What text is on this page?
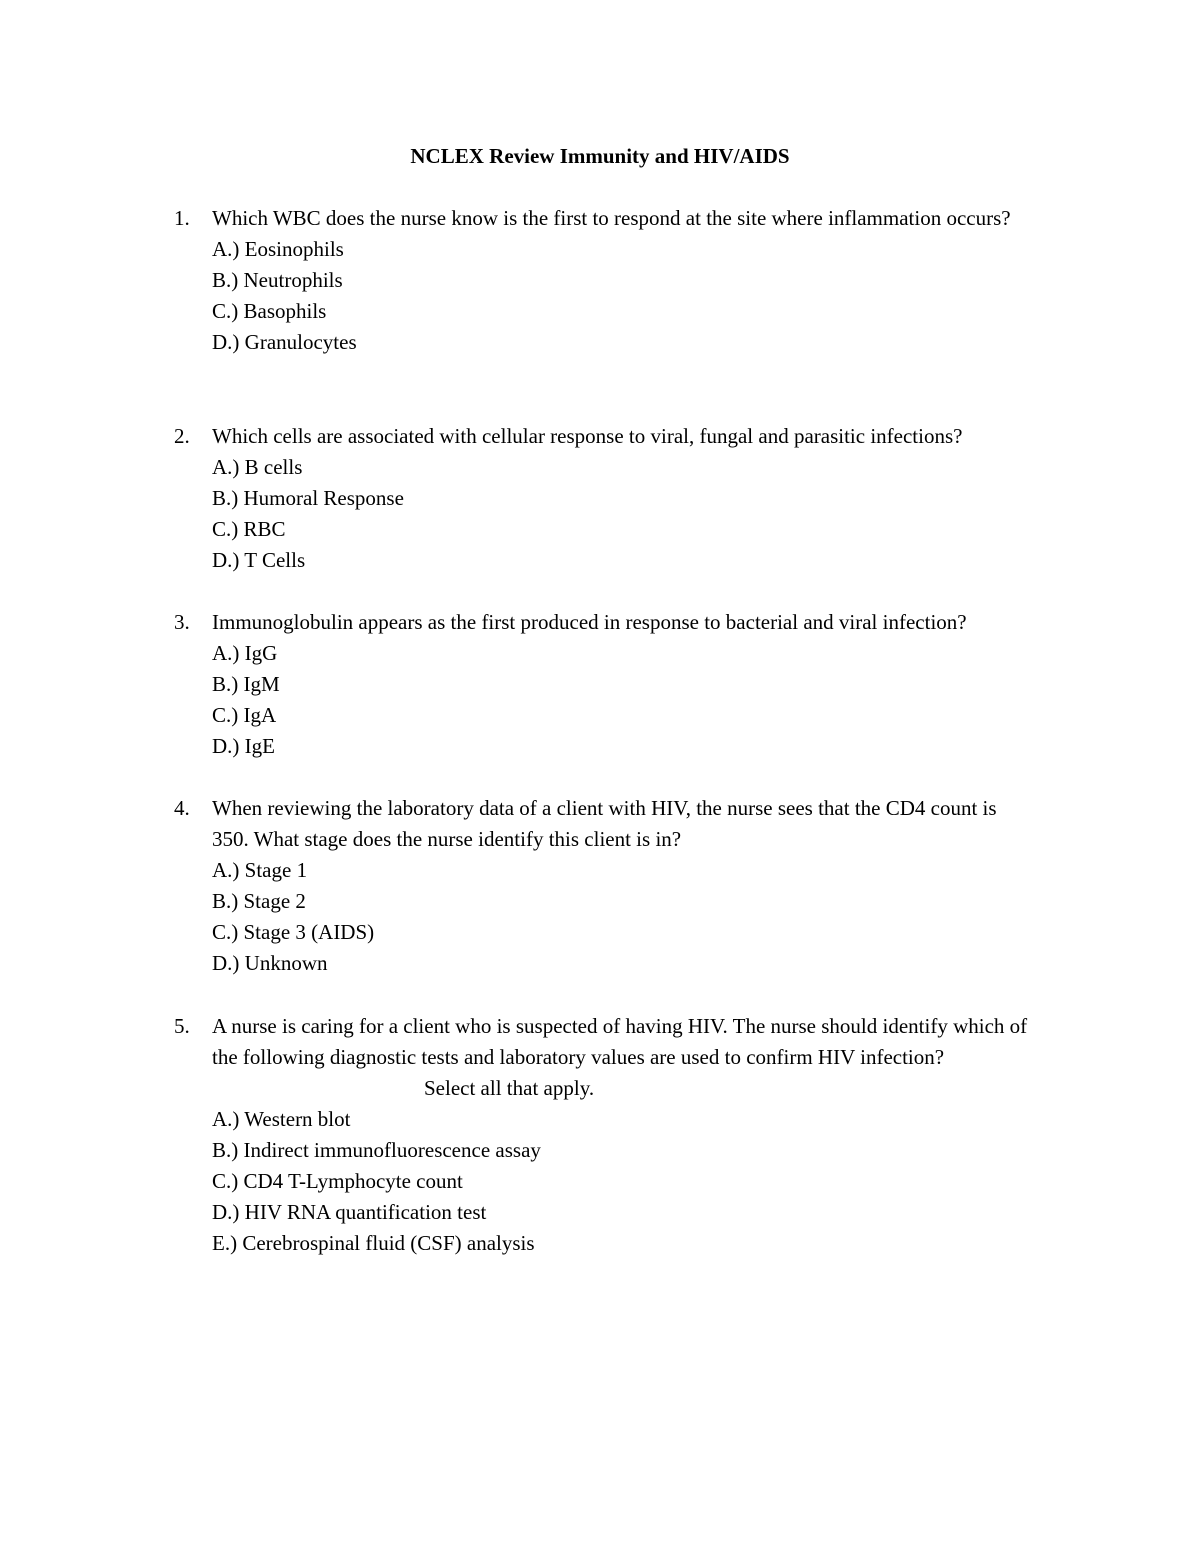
NCLEX Review Immunity and HIV/AIDS
1.	Which WBC does the nurse know is the first to respond at the site where inflammation occurs?
A.) Eosinophils
B.) Neutrophils
C.) Basophils
D.) Granulocytes
2.	Which cells are associated with cellular response to viral, fungal and parasitic infections?
A.) B cells
B.) Humoral Response
C.) RBC
D.) T Cells
3.	Immunoglobulin appears as the first produced in response to bacterial and viral infection?
A.) IgG
B.) IgM
C.) IgA
D.) IgE
4.	When reviewing the laboratory data of a client with HIV, the nurse sees that the CD4 count is 350. What stage does the nurse identify this client is in?
A.) Stage 1
B.) Stage 2
C.) Stage 3 (AIDS)
D.) Unknown
5.	A nurse is caring for a client who is suspected of having HIV. The nurse should identify which of the following diagnostic tests and laboratory values are used to confirm HIV infection?
Select all that apply.
A.) Western blot
B.) Indirect immunofluorescence assay
C.) CD4 T-Lymphocyte count
D.) HIV RNA quantification test
E.) Cerebrospinal fluid (CSF) analysis
